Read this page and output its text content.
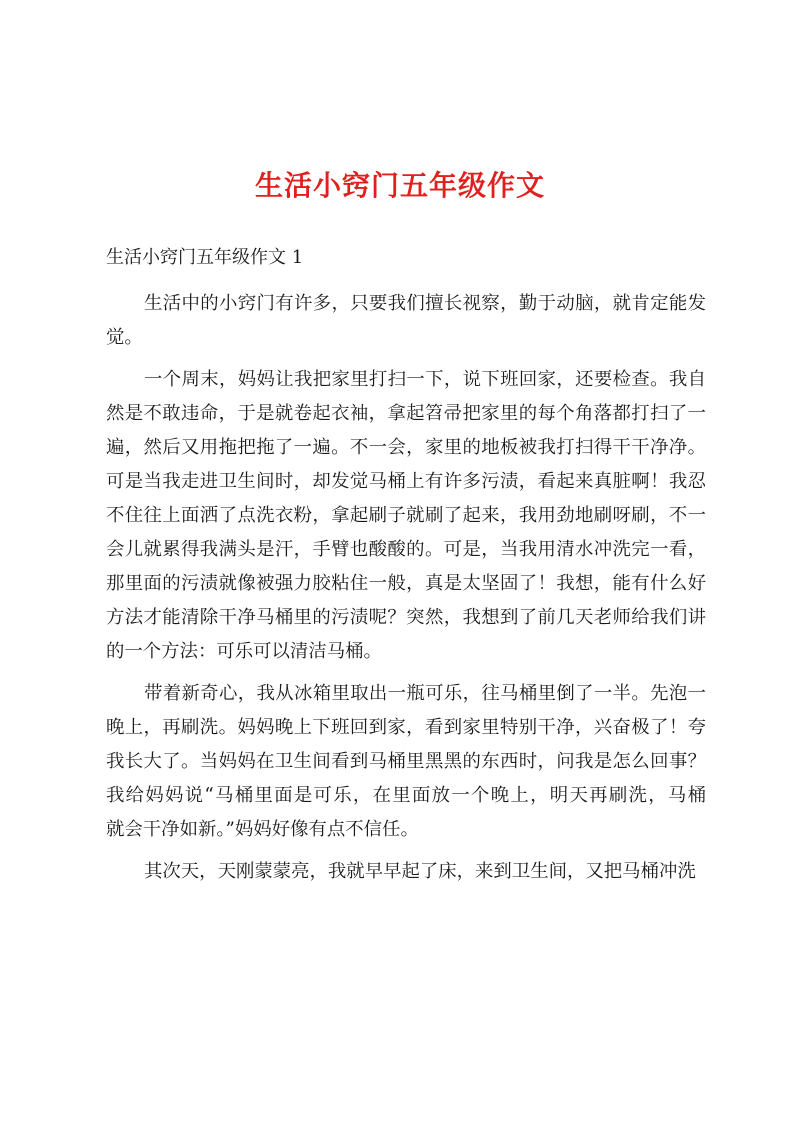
生活小窍门五年级作文
生活小窍门五年级作文 1
生活中的小窍门有许多，只要我们擅长视察，勤于动脑，就肯定能发
觉。
一个周末，妈妈让我把家里打扫一下，说下班回家，还要检查。我自
然是不敢违命，于是就卷起衣袖，拿起笤帚把家里的每个角落都打扫了一
遍，然后又用拖把拖了一遍。不一会，家里的地板被我打扫得干干净净。
可是当我走进卫生间时，却发觉马桶上有许多污渍，看起来真脏啊！我忍
不住往上面洒了点洗衣粉，拿起刷子就刷了起来，我用劲地刷呀刷，不一
会儿就累得我满头是汗，手臂也酸酸的。可是，当我用清水冲洗完一看，
那里面的污渍就像被强力胶粘住一般，真是太坚固了！我想，能有什么好
方法才能清除干净马桶里的污渍呢？突然，我想到了前几天老师给我们讲
的一个方法：可乐可以清洁马桶。
带着新奇心，我从冰箱里取出一瓶可乐，往马桶里倒了一半。先泡一
晚上，再刷洗。妈妈晚上下班回到家，看到家里特别干净，兴奋极了！夸
我长大了。当妈妈在卫生间看到马桶里黑黑的东西时，问我是怎么回事？
我给妈妈说“马桶里面是可乐，在里面放一个晚上，明天再刷洗，马桶
就会干净如新。”妈妈好像有点不信任。
其次天，天刚蒙蒙亮，我就早早起了床，来到卫生间，又把马桶冲洗
